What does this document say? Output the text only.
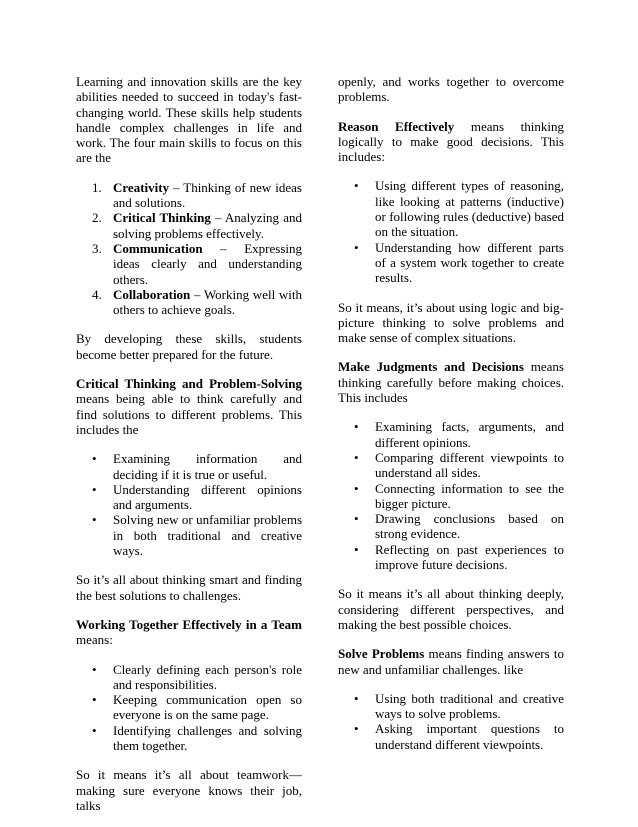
Learning and innovation skills are the key abilities needed to succeed in today's fast-changing world. These skills help students handle complex challenges in life and work. The four main skills to focus on this are the

1. Creativity – Thinking of new ideas and solutions.
2. Critical Thinking – Analyzing and solving problems effectively.
3. Communication – Expressing ideas clearly and understanding others.
4. Collaboration – Working well with others to achieve goals.

By developing these skills, students become better prepared for the future.

Critical Thinking and Problem-Solving means being able to think carefully and find solutions to different problems. This includes the

• Examining information and deciding if it is true or useful.
• Understanding different opinions and arguments.
• Solving new or unfamiliar problems in both traditional and creative ways.

So it’s all about thinking smart and finding the best solutions to challenges.

Working Together Effectively in a Team means:

• Clearly defining each person's role and responsibilities.
• Keeping communication open so everyone is on the same page.
• Identifying challenges and solving them together.

So it means it’s all about teamwork—making sure everyone knows their job, talks

openly, and works together to overcome problems.

Reason Effectively means thinking logically to make good decisions. This includes:

• Using different types of reasoning, like looking at patterns (inductive) or following rules (deductive) based on the situation.
• Understanding how different parts of a system work together to create results.

So it means, it’s about using logic and big-picture thinking to solve problems and make sense of complex situations.

Make Judgments and Decisions means thinking carefully before making choices. This includes

• Examining facts, arguments, and different opinions.
• Comparing different viewpoints to understand all sides.
• Connecting information to see the bigger picture.
• Drawing conclusions based on strong evidence.
• Reflecting on past experiences to improve future decisions.

So it means it’s all about thinking deeply, considering different perspectives, and making the best possible choices.

Solve Problems means finding answers to new and unfamiliar challenges. like

• Using both traditional and creative ways to solve problems.
• Asking important questions to understand different viewpoints.
